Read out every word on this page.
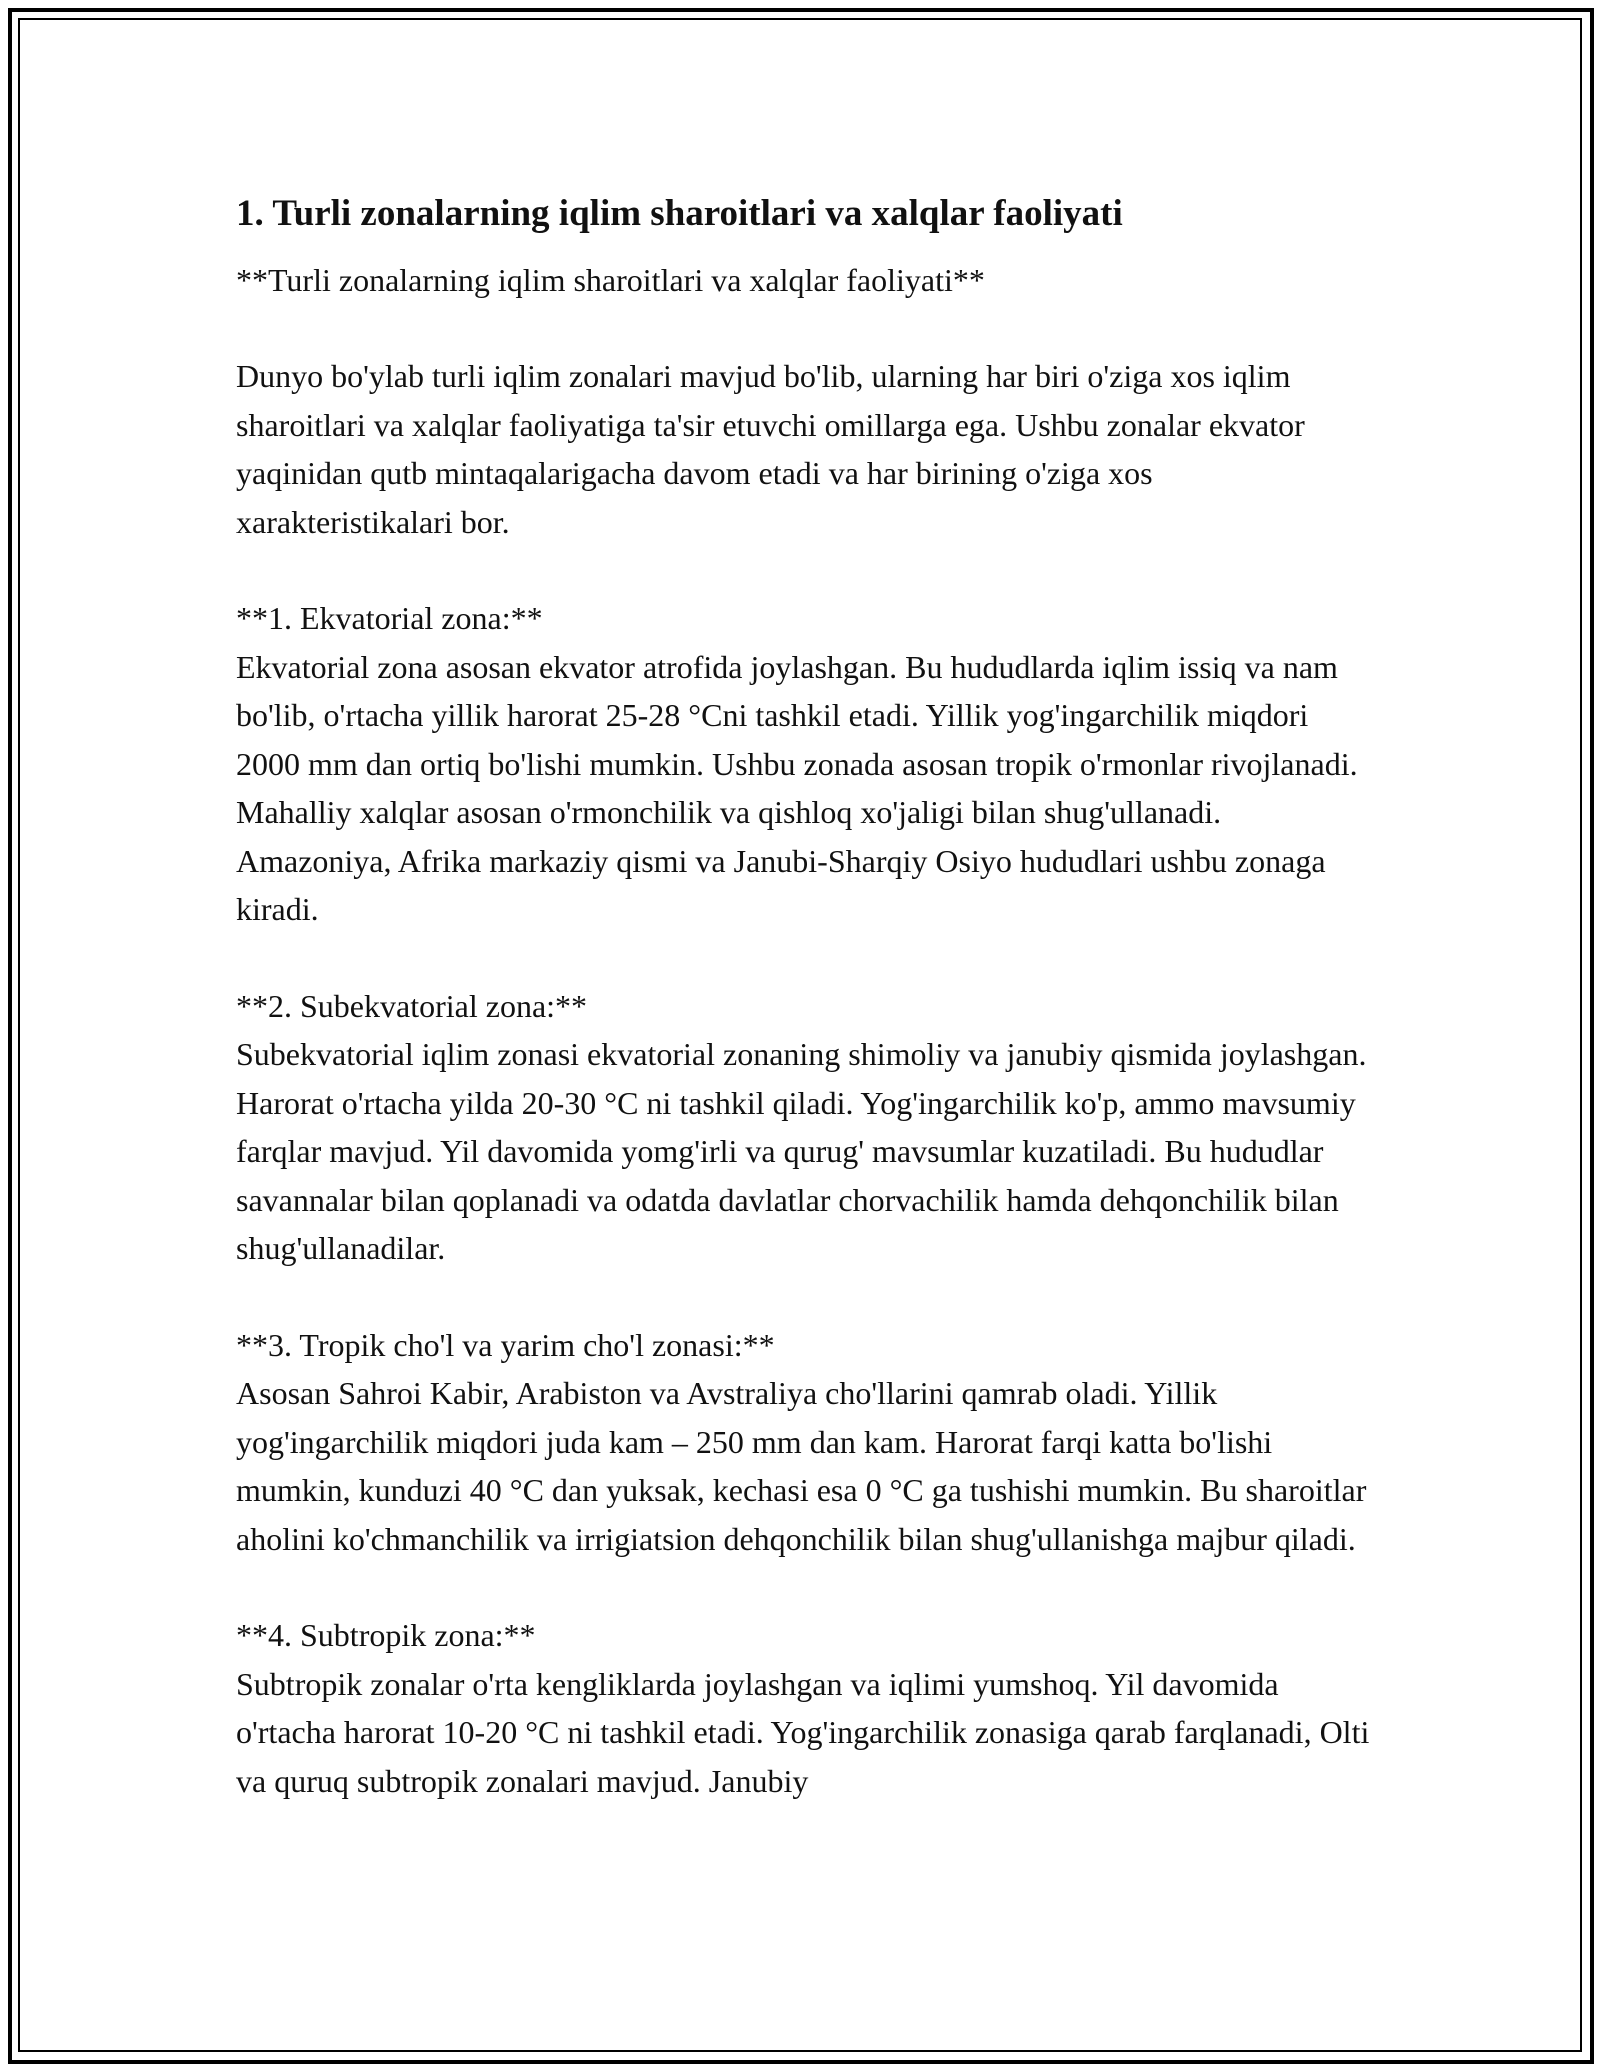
1. Turli zonalarning iqlim sharoitlari va xalqlar faoliyati

**Turli zonalarning iqlim sharoitlari va xalqlar faoliyati**

Dunyo bo'ylab turli iqlim zonalari mavjud bo'lib, ularning har biri o'ziga xos iqlim sharoitlari va xalqlar faoliyatiga ta'sir etuvchi omillarga ega. Ushbu zonalar ekvator yaqinidan qutb mintaqalarigacha davom etadi va har birining o'ziga xos xarakteristikalari bor.

**1. Ekvatorial zona:**

Ekvatorial zona asosan ekvator atrofida joylashgan. Bu hududlarda iqlim issiq va nam bo'lib, o'rtacha yillik harorat 25-28 °Cni tashkil etadi. Yillik yog'ingarchilik miqdori 2000 mm dan ortiq bo'lishi mumkin. Ushbu zonada asosan tropik o'rmonlar rivojlanadi. Mahalliy xalqlar asosan o'rmonchilik va qishloq xo'jaligi bilan shug'ullanadi. Amazoniya, Afrika markaziy qismi va Janubi-Sharqiy Osiyo hududlari ushbu zonaga kiradi.

**2. Subekvatorial zona:**

Subekvatorial iqlim zonasi ekvatorial zonaning shimoliy va janubiy qismida joylashgan. Harorat o'rtacha yilda 20-30 °C ni tashkil qiladi. Yog'ingarchilik ko'p, ammo mavsumiy farqlar mavjud. Yil davomida yomg'irli va qurug' mavsumlar kuzatiladi. Bu hududlar savannalar bilan qoplanadi va odatda davlatlar chorvachilik hamda dehqonchilik bilan shug'ullanadilar.

**3. Tropik cho'l va yarim cho'l zonasi:**

Asosan Sahroi Kabir, Arabiston va Avstraliya cho'llarini qamrab oladi. Yillik yog'ingarchilik miqdori juda kam – 250 mm dan kam. Harorat farqi katta bo'lishi mumkin, kunduzi 40 °C dan yuksak, kechasi esa 0 °C ga tushishi mumkin. Bu sharoitlar aholini ko'chmanchilik va irrigiatsion dehqonchilik bilan shug'ullanishga majbur qiladi.

**4. Subtropik zona:**

Subtropik zonalar o'rta kengliklarda joylashgan va iqlimi yumshoq. Yil davomida o'rtacha harorat 10-20 °C ni tashkil etadi. Yog'ingarchilik zonasiga qarab farqlanadi, Olti va quruq subtropik zonalari mavjud. Janubiy
